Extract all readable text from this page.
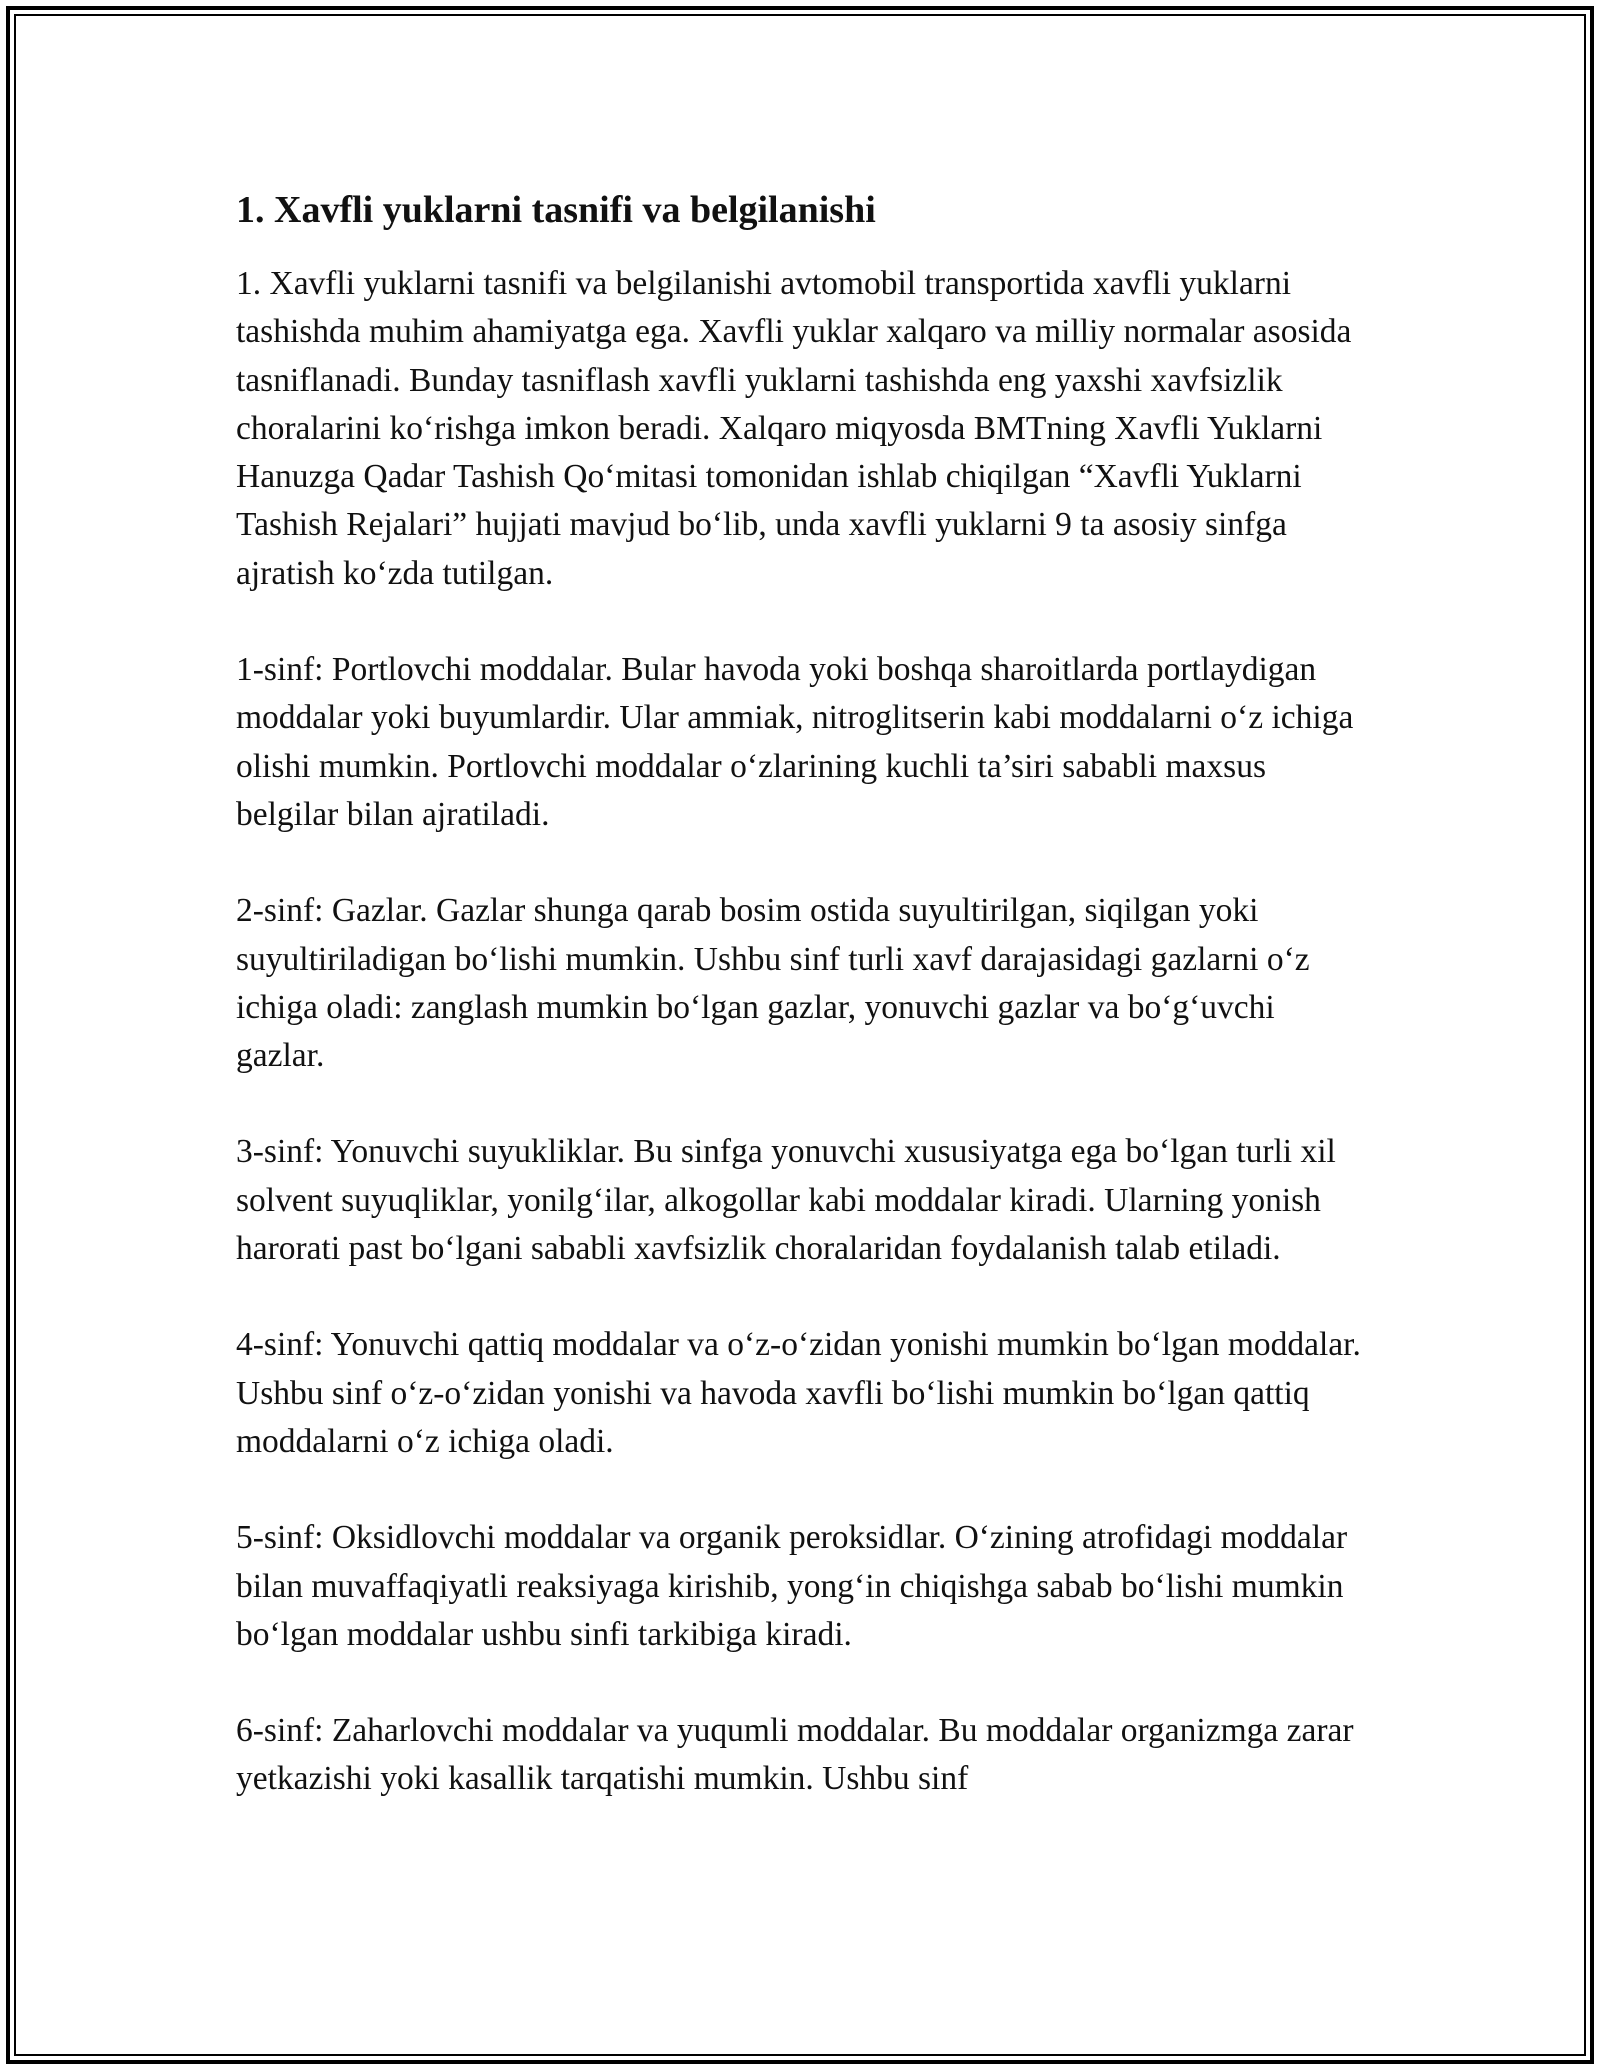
1. Xavfli yuklarni tasnifi va belgilanishi

1. Xavfli yuklarni tasnifi va belgilanishi avtomobil transportida xavfli yuklarni tashishda muhim ahamiyatga ega. Xavfli yuklar xalqaro va milliy normalar asosida tasniflanadi. Bunday tasniflash xavfli yuklarni tashishda eng yaxshi xavfsizlik choralarini koʻrishga imkon beradi. Xalqaro miqyosda BMTning Xavfli Yuklarni Hanuzga Qadar Tashish Qoʻmitasi tomonidan ishlab chiqilgan “Xavfli Yuklarni Tashish Rejalari” hujjati mavjud boʻlib, unda xavfli yuklarni 9 ta asosiy sinfga ajratish koʻzda tutilgan.

1-sinf: Portlovchi moddalar. Bular havoda yoki boshqa sharoitlarda portlaydigan moddalar yoki buyumlardir. Ular ammiak, nitroglitserin kabi moddalarni oʻz ichiga olishi mumkin. Portlovchi moddalar oʻzlarining kuchli ta’siri sababli maxsus belgilar bilan ajratiladi.

2-sinf: Gazlar. Gazlar shunga qarab bosim ostida suyultirilgan, siqilgan yoki suyultiriladigan boʻlishi mumkin. Ushbu sinf turli xavf darajasidagi gazlarni oʻz ichiga oladi: zanglash mumkin boʻlgan gazlar, yonuvchi gazlar va boʻgʻuvchi gazlar.

3-sinf: Yonuvchi suyukliklar. Bu sinfga yonuvchi xususiyatga ega boʻlgan turli xil solvent suyuqliklar, yonilgʻilar, alkogollar kabi moddalar kiradi. Ularning yonish harorati past boʻlgani sababli xavfsizlik choralaridan foydalanish talab etiladi.

4-sinf: Yonuvchi qattiq moddalar va oʻz-oʻzidan yonishi mumkin boʻlgan moddalar. Ushbu sinf oʻz-oʻzidan yonishi va havoda xavfli boʻlishi mumkin boʻlgan qattiq moddalarni oʻz ichiga oladi.

5-sinf: Oksidlovchi moddalar va organik peroksidlar. Oʻzining atrofidagi moddalar bilan muvaffaqiyatli reaksiyaga kirishib, yongʻin chiqishga sabab boʻlishi mumkin boʻlgan moddalar ushbu sinfi tarkibiga kiradi.

6-sinf: Zaharlovchi moddalar va yuqumli moddalar. Bu moddalar organizmga zarar yetkazishi yoki kasallik tarqatishi mumkin. Ushbu sinf
